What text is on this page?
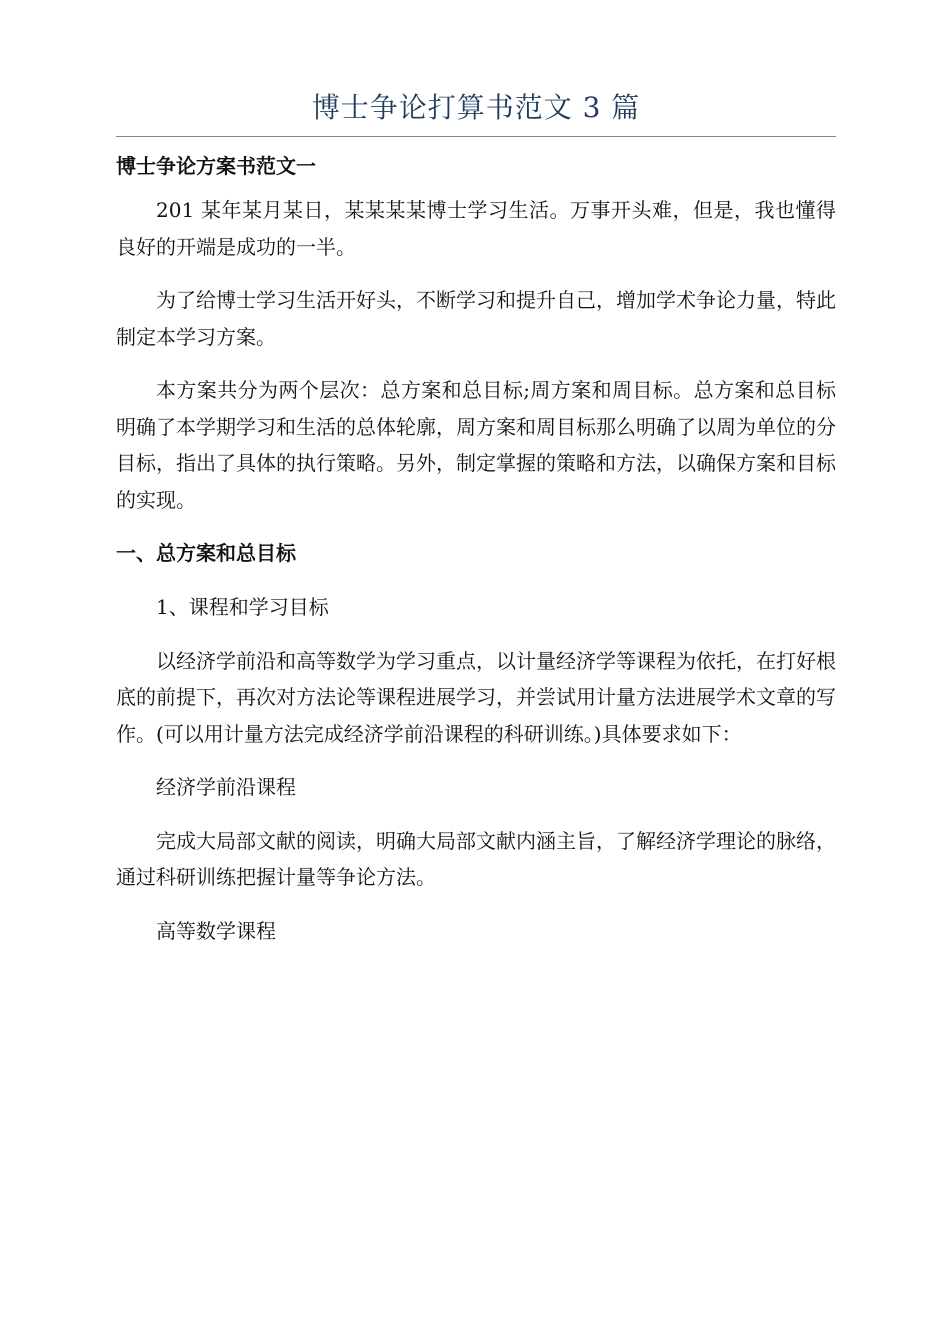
博士争论打算书范文 3 篇

博士争论方案书范文一

201 某年某月某日，某某某某博士学习生活。万事开头难，但是，我也懂得良好的开端是成功的一半。

为了给博士学习生活开好头，不断学习和提升自己，增加学术争论力量，特此制定本学习方案。

本方案共分为两个层次：总方案和总目标;周方案和周目标。总方案和总目标明确了本学期学习和生活的总体轮廓，周方案和周目标那么明确了以周为单位的分目标，指出了具体的执行策略。另外，制定掌握的策略和方法，以确保方案和目标的实现。

一、总方案和总目标

1、课程和学习目标

以经济学前沿和高等数学为学习重点，以计量经济学等课程为依托，在打好根底的前提下，再次对方法论等课程进展学习，并尝试用计量方法进展学术文章的写作。(可以用计量方法完成经济学前沿课程的科研训练。)具体要求如下：

经济学前沿课程

完成大局部文献的阅读，明确大局部文献内涵主旨，了解经济学理论的脉络，通过科研训练把握计量等争论方法。

高等数学课程
